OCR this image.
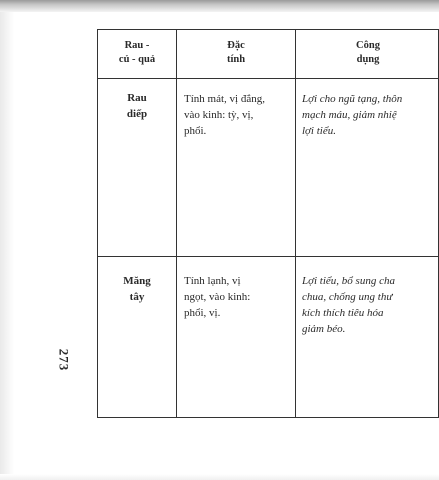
Rau -
củ - quả
Đặc
tính
Công
dụng
Rau
diếp
Tính mát, vị đắng,
vào kinh: tỳ, vị,
phổi.
Lợi cho ngũ tạng, thôn
mạch máu, giảm nhiệ
lợi tiểu.
Măng
tây
Tính lạnh, vị
ngọt, vào kinh:
phổi, vị.
Lợi tiểu, bổ sung cha
chua, chống ung thư
kích thích tiêu hóa
giảm béo.
273
